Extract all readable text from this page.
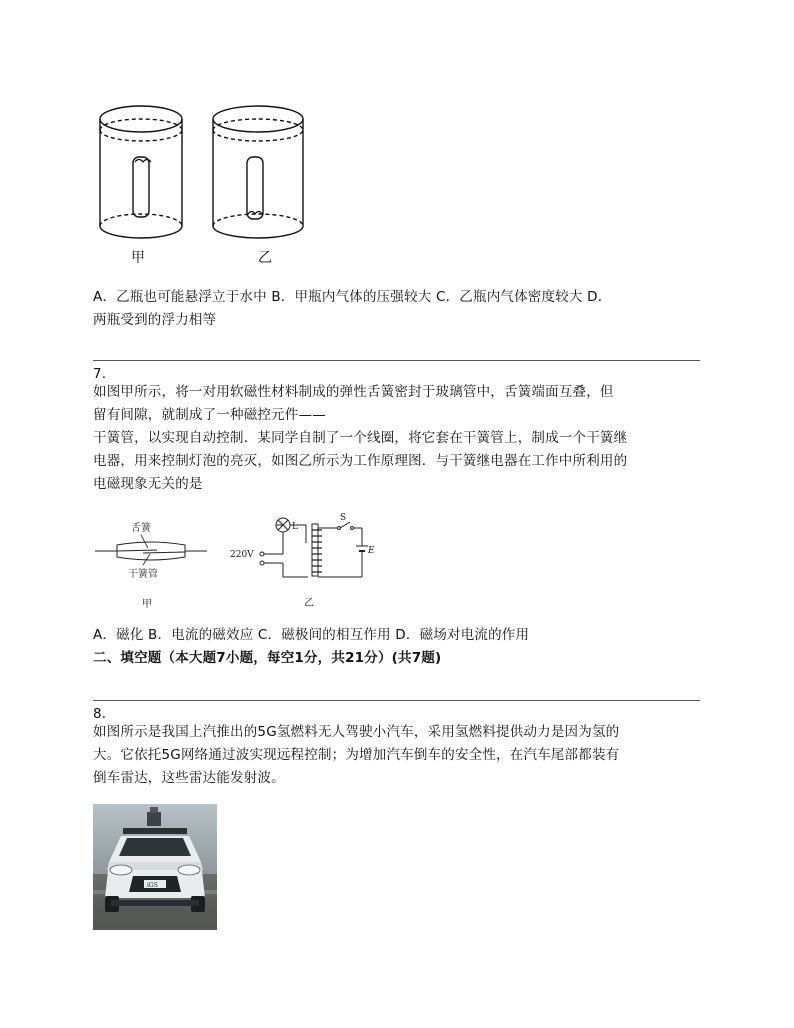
甲	乙
A．乙瓶也可能悬浮立于水中 B．甲瓶内气体的压强较大 C．乙瓶内气体密度较大 D．
两瓶受到的浮力相等
7.
如图甲所示，将一对用软磁性材料制成的弹性舌簧密封于玻璃管中，舌簧端面互叠，但
留有间隙，就制成了一种磁控元件——
干簧管，以实现自动控制．某同学自制了一个线圈，将它套在干簧管上，制成一个干簧继
电器，用来控制灯泡的亮灭，如图乙所示为工作原理图．与干簧继电器在工作中所利用的
电磁现象无关的是
舌簧
干簧管
甲
L
S
E
220V
乙
A．磁化 B．电流的磁效应 C．磁极间的相互作用 D．磁场对电流的作用
二、填空题（本大题7小题，每空1分，共21分）(共7题)
8.
如图所示是我国上汽推出的5G氢燃料无人驾驶小汽车，采用氢燃料提供动力是因为氢的
大。它依托5G网络通过波实现远程控制；为增加汽车倒车的安全性，在汽车尾部都装有
倒车雷达，这些雷达能发射波。
iGS
